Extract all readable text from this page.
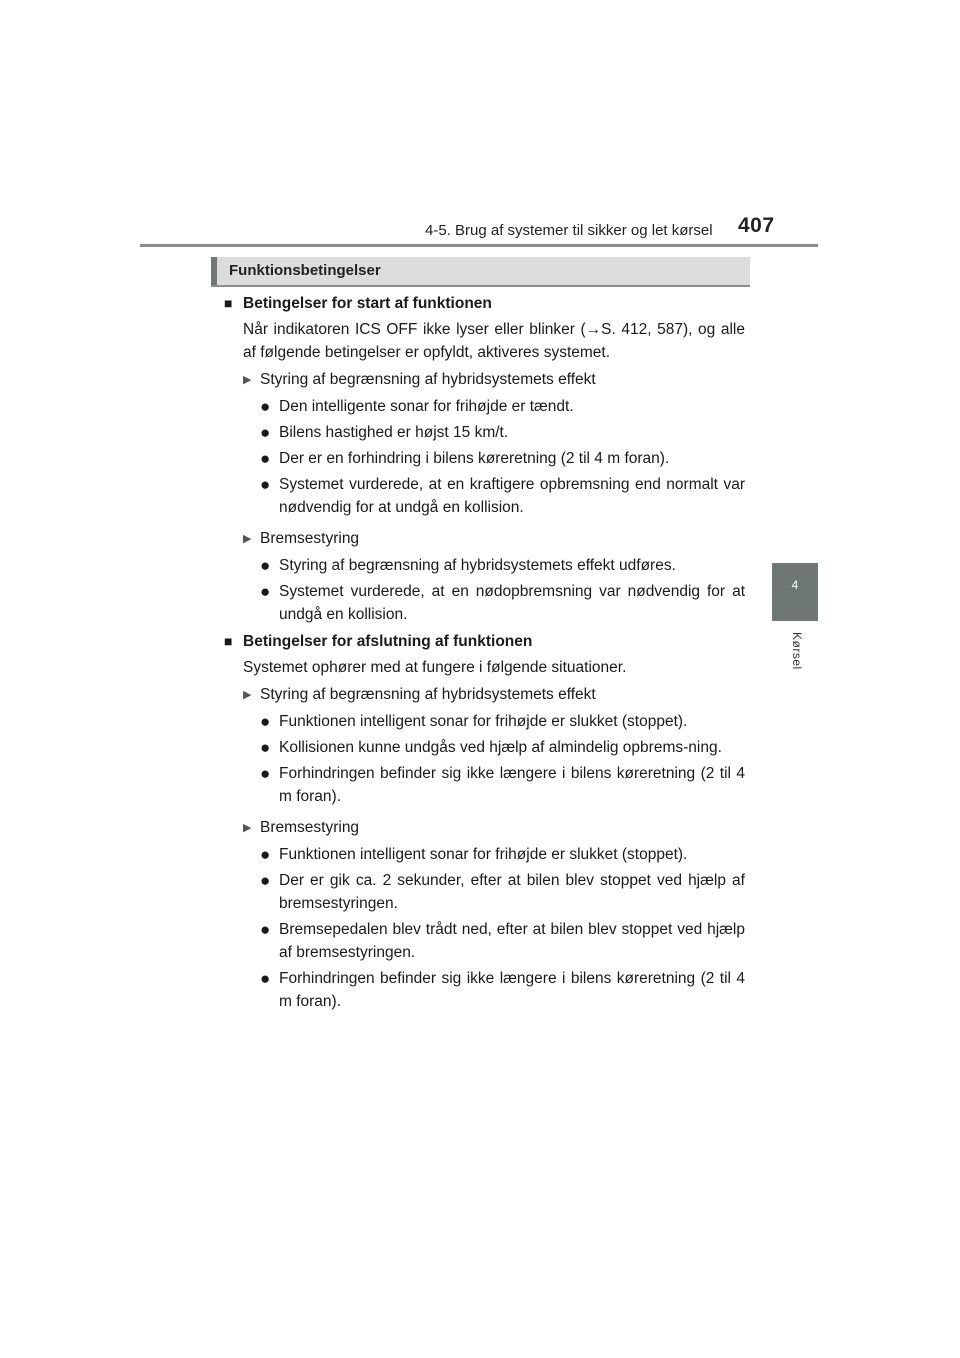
4-5. Brug af systemer til sikker og let kørsel 407
4
Kørsel
Funktionsbetingelser
■ Betingelser for start af funktionen
Når indikatoren ICS OFF ikke lyser eller blinker (→S. 412, 587), og alle af følgende betingelser er opfyldt, aktiveres systemet.
▶ Styring af begrænsning af hybridsystemets effekt
● Den intelligente sonar for frihøjde er tændt.
● Bilens hastighed er højst 15 km/t.
● Der er en forhindring i bilens køreretning (2 til 4 m foran).
● Systemet vurderede, at en kraftigere opbremsning end normalt var nødvendig for at undgå en kollision.
▶ Bremsestyring
● Styring af begrænsning af hybridsystemets effekt udføres.
● Systemet vurderede, at en nødopbremsning var nødvendig for at undgå en kollision.
■ Betingelser for afslutning af funktionen
Systemet ophører med at fungere i følgende situationer.
▶ Styring af begrænsning af hybridsystemets effekt
● Funktionen intelligent sonar for frihøjde er slukket (stoppet).
● Kollisionen kunne undgås ved hjælp af almindelig opbrems-ning.
● Forhindringen befinder sig ikke længere i bilens køreretning (2 til 4 m foran).
▶ Bremsestyring
● Funktionen intelligent sonar for frihøjde er slukket (stoppet).
● Der er gik ca. 2 sekunder, efter at bilen blev stoppet ved hjælp af bremsestyringen.
● Bremsepedalen blev trådt ned, efter at bilen blev stoppet ved hjælp af bremsestyringen.
● Forhindringen befinder sig ikke længere i bilens køreretning (2 til 4 m foran).
